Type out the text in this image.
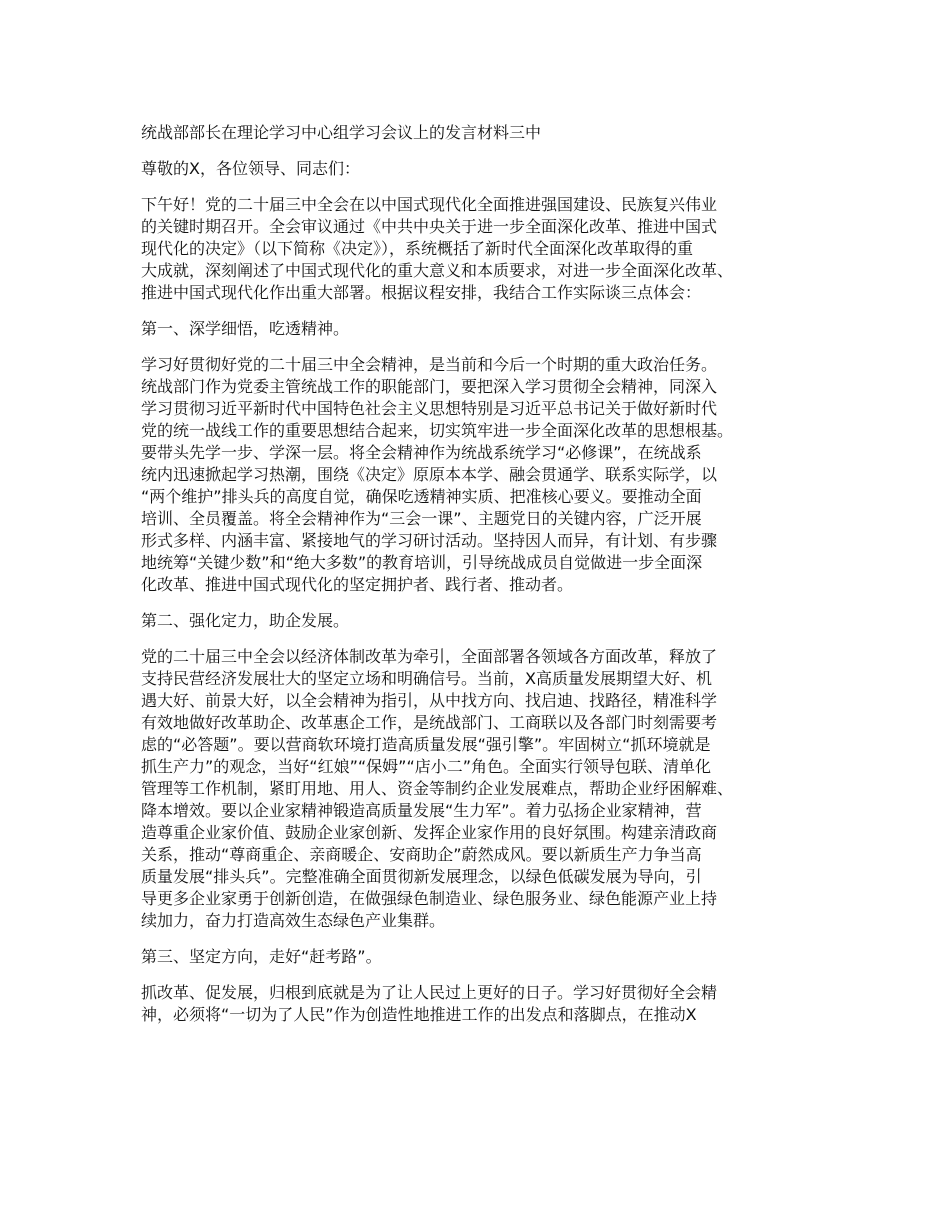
统战部部长在理论学习中心组学习会议上的发言材料三中

尊敬的X，各位领导、同志们：

下午好！党的二十届三中全会在以中国式现代化全面推进强国建设、民族复兴伟业
的关键时期召开。全会审议通过《中共中央关于进一步全面深化改革、推进中国式
现代化的决定》（以下简称《决定》），系统概括了新时代全面深化改革取得的重
大成就，深刻阐述了中国式现代化的重大意义和本质要求，对进一步全面深化改革、
推进中国式现代化作出重大部署。根据议程安排，我结合工作实际谈三点体会：

第一、深学细悟，吃透精神。

学习好贯彻好党的二十届三中全会精神，是当前和今后一个时期的重大政治任务。
统战部门作为党委主管统战工作的职能部门，要把深入学习贯彻全会精神，同深入
学习贯彻习近平新时代中国特色社会主义思想特别是习近平总书记关于做好新时代
党的统一战线工作的重要思想结合起来，切实筑牢进一步全面深化改革的思想根基。
要带头先学一步、学深一层。将全会精神作为统战系统学习“必修课”，在统战系
统内迅速掀起学习热潮，围绕《决定》原原本本学、融会贯通学、联系实际学，以
“两个维护”排头兵的高度自觉，确保吃透精神实质、把准核心要义。要推动全面
培训、全员覆盖。将全会精神作为“三会一课”、主题党日的关键内容，广泛开展
形式多样、内涵丰富、紧接地气的学习研讨活动。坚持因人而异，有计划、有步骤
地统筹“关键少数”和“绝大多数”的教育培训，引导统战成员自觉做进一步全面深
化改革、推进中国式现代化的坚定拥护者、践行者、推动者。

第二、强化定力，助企发展。

党的二十届三中全会以经济体制改革为牵引，全面部署各领域各方面改革，释放了
支持民营经济发展壮大的坚定立场和明确信号。当前，X高质量发展期望大好、机
遇大好、前景大好，以全会精神为指引，从中找方向、找启迪、找路径，精准科学
有效地做好改革助企、改革惠企工作，是统战部门、工商联以及各部门时刻需要考
虑的“必答题”。要以营商软环境打造高质量发展“强引擎”。牢固树立“抓环境就是
抓生产力”的观念，当好“红娘”“保姆”“店小二”角色。全面实行领导包联、清单化
管理等工作机制，紧盯用地、用人、资金等制约企业发展难点，帮助企业纾困解难、
降本增效。要以企业家精神锻造高质量发展“生力军”。着力弘扬企业家精神，营
造尊重企业家价值、鼓励企业家创新、发挥企业家作用的良好氛围。构建亲清政商
关系，推动“尊商重企、亲商暖企、安商助企”蔚然成风。要以新质生产力争当高
质量发展“排头兵”。完整准确全面贯彻新发展理念，以绿色低碳发展为导向，引
导更多企业家勇于创新创造，在做强绿色制造业、绿色服务业、绿色能源产业上持
续加力，奋力打造高效生态绿色产业集群。

第三、坚定方向，走好“赶考路”。

抓改革、促发展，归根到底就是为了让人民过上更好的日子。学习好贯彻好全会精
神，必须将“一切为了人民”作为创造性地推进工作的出发点和落脚点，在推动X
